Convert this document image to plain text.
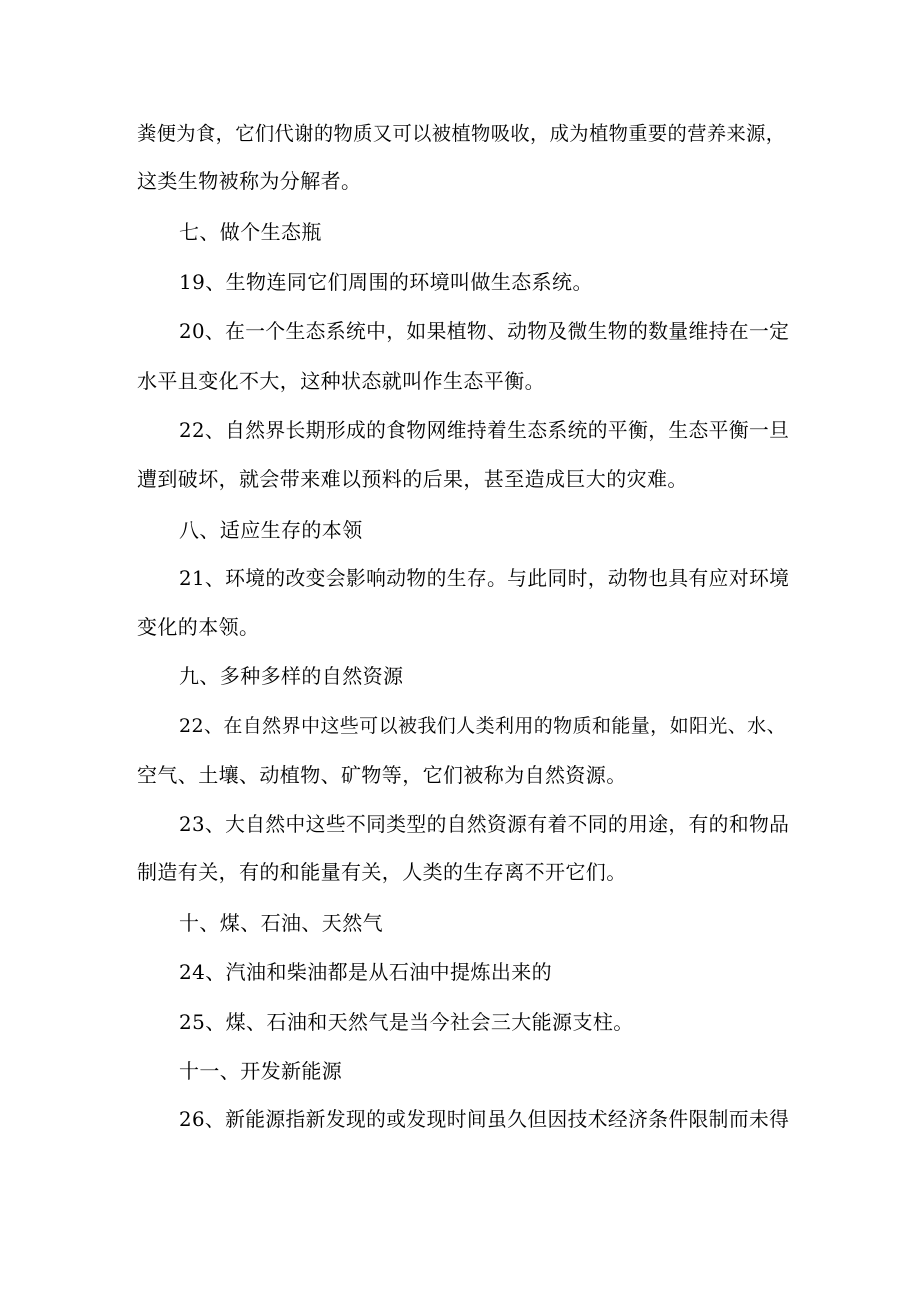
粪便为食，它们代谢的物质又可以被植物吸收，成为植物重要的营养来源，

这类生物被称为分解者。

七、做个生态瓶

19、生物连同它们周围的环境叫做生态系统。

20、在一个生态系统中，如果植物、动物及微生物的数量维持在一定

水平且变化不大，这种状态就叫作生态平衡。

22、自然界长期形成的食物网维持着生态系统的平衡，生态平衡一旦

遭到破坏，就会带来难以预料的后果，甚至造成巨大的灾难。

八、适应生存的本领

21、环境的改变会影响动物的生存。与此同时，动物也具有应对环境

变化的本领。

九、多种多样的自然资源

22、在自然界中这些可以被我们人类利用的物质和能量，如阳光、水、

空气、土壤、动植物、矿物等，它们被称为自然资源。

23、大自然中这些不同类型的自然资源有着不同的用途，有的和物品

制造有关，有的和能量有关，人类的生存离不开它们。

十、煤、石油、天然气

24、汽油和柴油都是从石油中提炼出来的

25、煤、石油和天然气是当今社会三大能源支柱。

十一、开发新能源

26、新能源指新发现的或发现时间虽久但因技术经济条件限制而未得
